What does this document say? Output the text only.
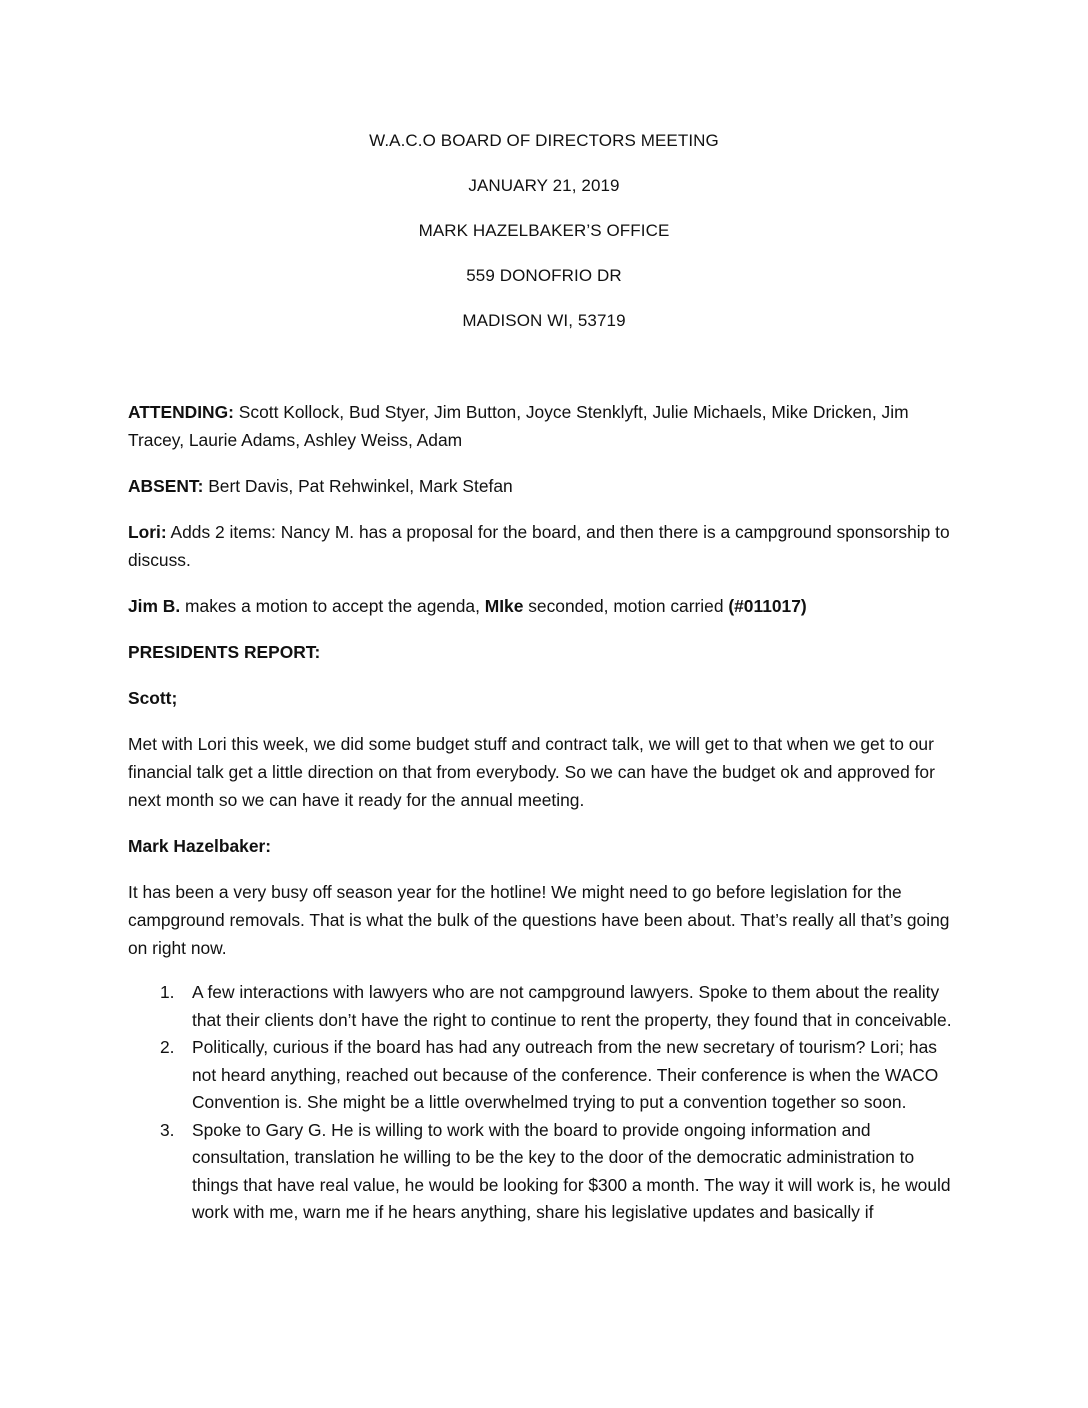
W.A.C.O BOARD OF DIRECTORS MEETING
JANUARY 21, 2019
MARK HAZELBAKER’S OFFICE
559 DONOFRIO DR
MADISON WI, 53719

ATTENDING: Scott Kollock, Bud Styer, Jim Button, Joyce Stenklyft, Julie Michaels, Mike Dricken, Jim Tracey, Laurie Adams, Ashley Weiss, Adam

ABSENT: Bert Davis, Pat Rehwinkel, Mark Stefan

Lori: Adds 2 items: Nancy M. has a proposal for the board, and then there is a campground sponsorship to discuss.

Jim B. makes a motion to accept the agenda, MIke seconded, motion carried (#011017)

PRESIDENTS REPORT:

Scott;

Met with Lori this week, we did some budget stuff and contract talk, we will get to that when we get to our financial talk get a little direction on that from everybody. So we can have the budget ok and approved for next month so we can have it ready for the annual meeting.

Mark Hazelbaker:

It has been a very busy off season year for the hotline! We might need to go before legislation for the campground removals. That is what the bulk of the questions have been about. That’s really all that’s going on right now.

1. A few interactions with lawyers who are not campground lawyers. Spoke to them about the reality that their clients don’t have the right to continue to rent the property, they found that in conceivable.
2. Politically, curious if the board has had any outreach from the new secretary of tourism? Lori; has not heard anything, reached out because of the conference. Their conference is when the WACO Convention is. She might be a little overwhelmed trying to put a convention together so soon.
3. Spoke to Gary G. He is willing to work with the board to provide ongoing information and consultation, translation he willing to be the key to the door of the democratic administration to things that have real value, he would be looking for $300 a month. The way it will work is, he would work with me, warn me if he hears anything, share his legislative updates and basically if
